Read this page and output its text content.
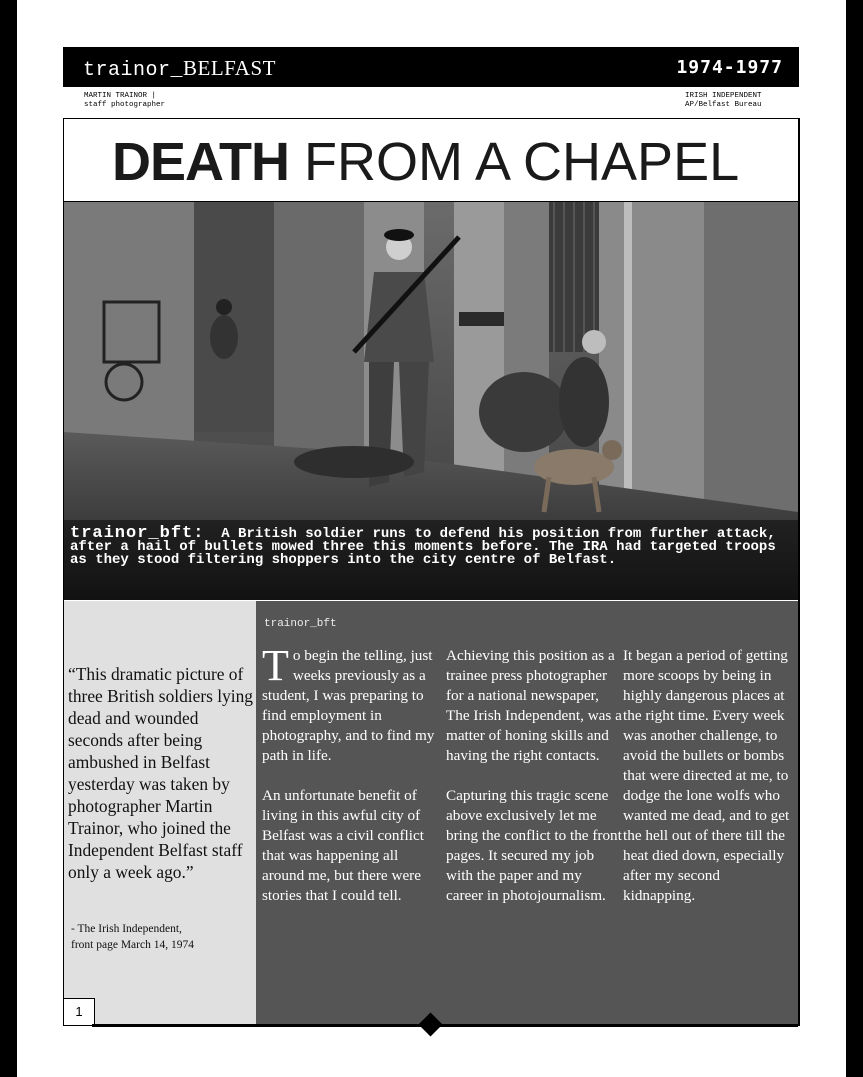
trainor_BELFAST	1974-1977
MARTIN TRAINOR |
staff photographer
IRISH INDEPENDENT
AP/Belfast Bureau
DEATH FROM A CHAPEL
trainor_bft: A British soldier runs to defend his position from further attack, after a hail of bullets mowed three this moments before. The IRA had targeted troops as they stood filtering shoppers into the city centre of Belfast.
“This dramatic picture of three British soldiers lying dead and wounded seconds after being ambushed in Belfast yesterday was taken by photographer Martin Trainor, who joined the Independent Belfast staff only a week ago.”
- The Irish Independent,
front page March 14, 1974
1
trainor_bft

To begin the telling, just weeks previously as a student, I was preparing to find employment in photography, and to find my path in life.

An unfortunate benefit of living in this awful city of Belfast was a civil conflict that was happening all around me, but there were stories that I could tell.

Achieving this position as a trainee press photographer for a national newspaper, The Irish Independent, was a matter of honing skills and having the right contacts.

Capturing this tragic scene above exclusively let me bring the conflict to the front pages. It secured my job with the paper and my career in photojournalism.

It began a period of getting more scoops by being in highly dangerous places at the right time. Every week was another challenge, to avoid the bullets or bombs that were directed at me, to dodge the lone wolfs who wanted me dead, and to get the hell out of there till the heat died down, especially after my second kidnapping.
